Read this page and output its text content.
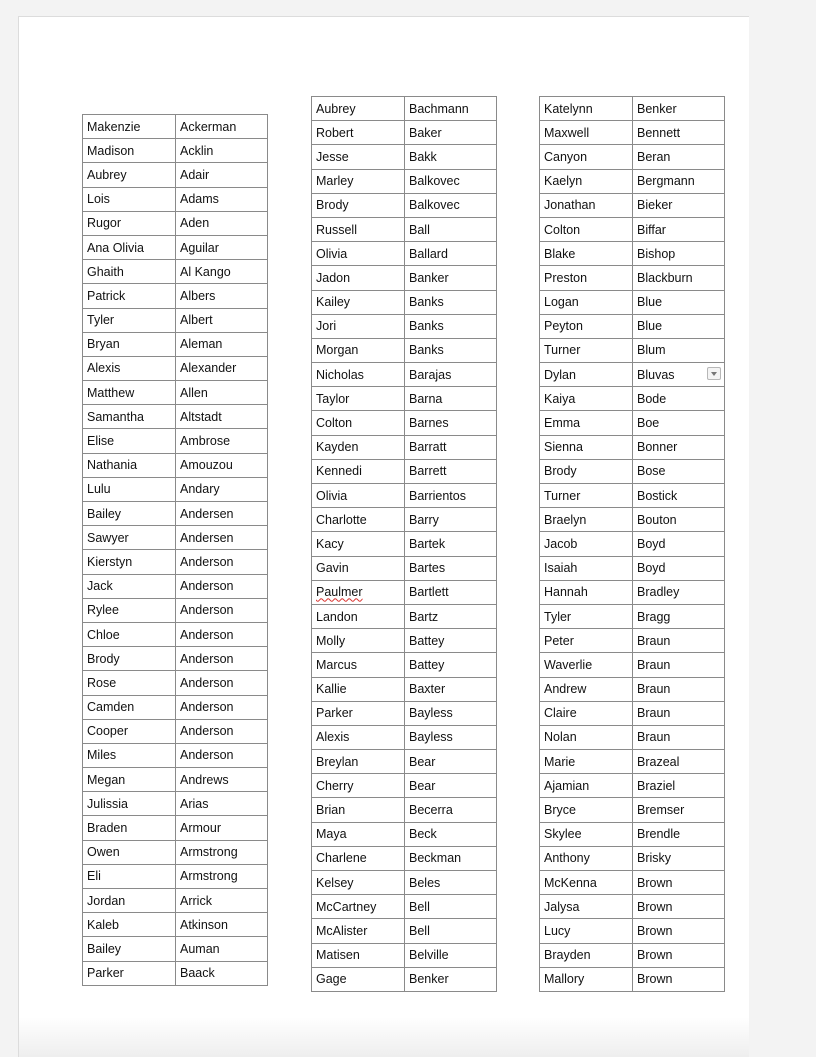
Makenzie	Ackerman
Madison	Acklin
Aubrey	Adair
Lois	Adams
Rugor	Aden
Ana Olivia	Aguilar
Ghaith	Al Kango
Patrick	Albers
Tyler	Albert
Bryan	Aleman
Alexis	Alexander
Matthew	Allen
Samantha	Altstadt
Elise	Ambrose
Nathania	Amouzou
Lulu	Andary
Bailey	Andersen
Sawyer	Andersen
Kierstyn	Anderson
Jack	Anderson
Rylee	Anderson
Chloe	Anderson
Brody	Anderson
Rose	Anderson
Camden	Anderson
Cooper	Anderson
Miles	Anderson
Megan	Andrews
Julissia	Arias
Braden	Armour
Owen	Armstrong
Eli	Armstrong
Jordan	Arrick
Kaleb	Atkinson
Bailey	Auman
Parker	Baack
Aubrey	Bachmann
Robert	Baker
Jesse	Bakk
Marley	Balkovec
Brody	Balkovec
Russell	Ball
Olivia	Ballard
Jadon	Banker
Kailey	Banks
Jori	Banks
Morgan	Banks
Nicholas	Barajas
Taylor	Barna
Colton	Barnes
Kayden	Barratt
Kennedi	Barrett
Olivia	Barrientos
Charlotte	Barry
Kacy	Bartek
Gavin	Bartes
Paulmer	Bartlett
Landon	Bartz
Molly	Battey
Marcus	Battey
Kallie	Baxter
Parker	Bayless
Alexis	Bayless
Breylan	Bear
Cherry	Bear
Brian	Becerra
Maya	Beck
Charlene	Beckman
Kelsey	Beles
McCartney	Bell
McAlister	Bell
Matisen	Belville
Gage	Benker
Katelynn	Benker
Maxwell	Bennett
Canyon	Beran
Kaelyn	Bergmann
Jonathan	Bieker
Colton	Biffar
Blake	Bishop
Preston	Blackburn
Logan	Blue
Peyton	Blue
Turner	Blum
Dylan	Bluvas

Kaiya	Bode
Emma	Boe
Sienna	Bonner
Brody	Bose
Turner	Bostick
Braelyn	Bouton
Jacob	Boyd
Isaiah	Boyd
Hannah	Bradley
Tyler	Bragg
Peter	Braun
Waverlie	Braun
Andrew	Braun
Claire	Braun
Nolan	Braun
Marie	Brazeal
Ajamian	Braziel
Bryce	Bremser
Skylee	Brendle
Anthony	Brisky
McKenna	Brown
Jalysa	Brown
Lucy	Brown
Brayden	Brown
Mallory	Brown
